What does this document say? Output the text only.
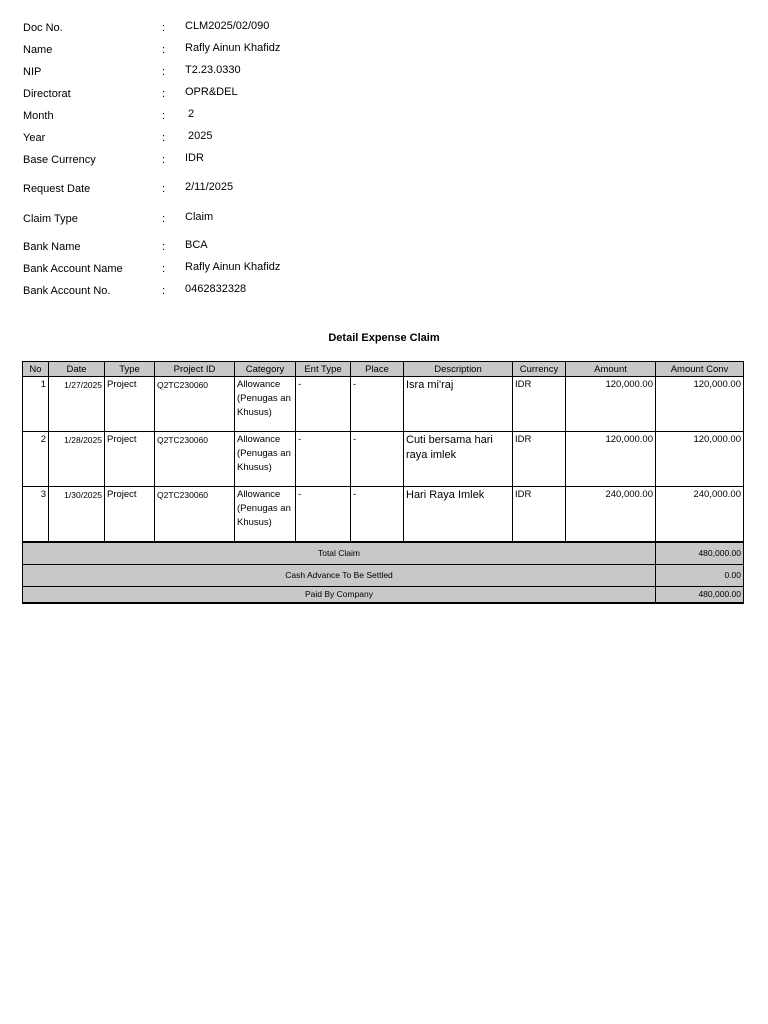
Doc No.	: CLM2025/02/090
Name	: Rafly Ainun Khafidz
NIP	: T2.23.0330
Directorat	: OPR&DEL
Month	: 2
Year	: 2025
Base Currency	: IDR
Request Date	: 2/11/2025
Claim Type	: Claim
Bank Name	: BCA
Bank Account Name	: Rafly Ainun Khafidz
Bank Account No.	: 0462832328
Detail Expense Claim
No	Date	Type	Project ID	Category	Ent Type	Place	Description	Currency	Amount	Amount Conv
1	1/27/2025	Project	Q2TC230060	Allowance (Penugas an Khusus)	-	-	Isra mi'raj	IDR	120,000.00	120,000.00
2	1/28/2025	Project	Q2TC230060	Allowance (Penugas an Khusus)	-	-	Cuti bersama hari raya imlek	IDR	120,000.00	120,000.00
3	1/30/2025	Project	Q2TC230060	Allowance (Penugas an Khusus)	-	-	Hari Raya Imlek	IDR	240,000.00	240,000.00
Total Claim										480,000.00
Cash Advance To Be Settled										0.00
Paid By Company										480,000.00
